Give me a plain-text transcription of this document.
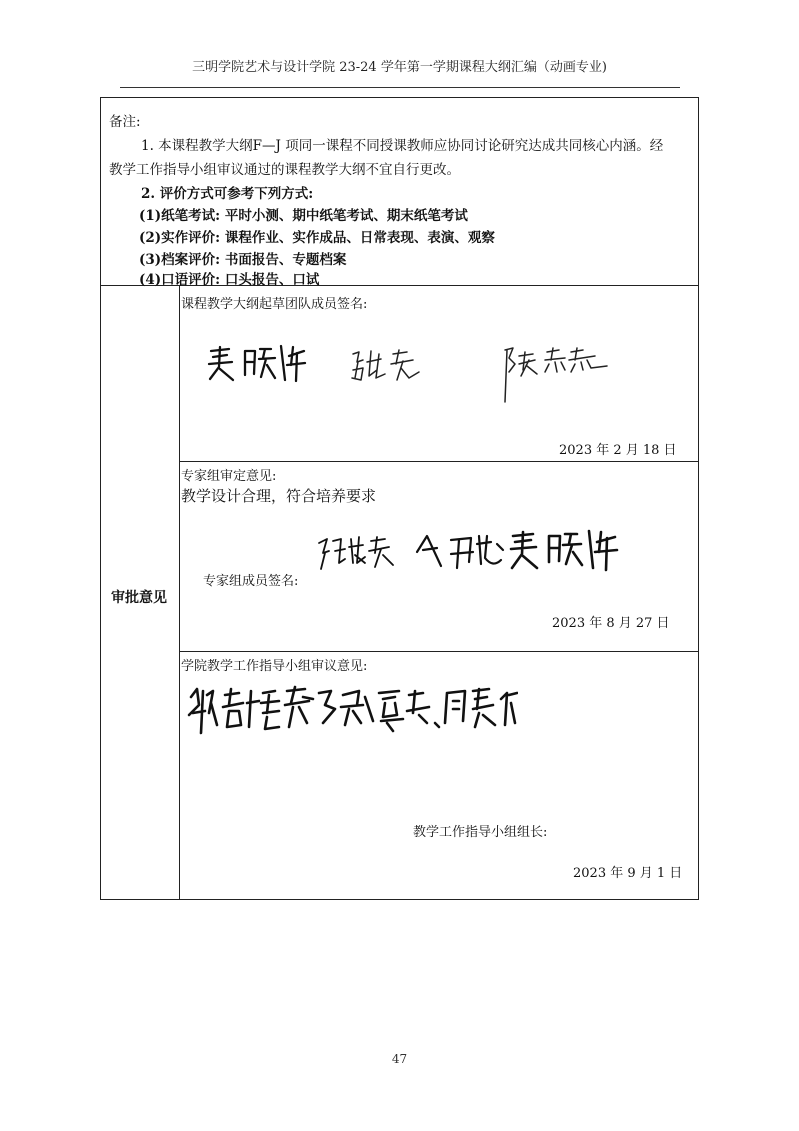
三明学院艺术与设计学院 23-24 学年第一学期课程大纲汇编（动画专业)
备注:
1. 本课程教学大纲F—J 项同一课程不同授课教师应协同讨论研究达成共同核心内涵。经
教学工作指导小组审议通过的课程教学大纲不宜自行更改。
2. 评价方式可参考下列方式:
(1)纸笔考试: 平时小测、期中纸笔考试、期末纸笔考试
(2)实作评价: 课程作业、实作成品、日常表现、表演、观察
(3)档案评价: 书面报告、专题档案
(4)口语评价: 口头报告、口试
审批意见
课程教学大纲起草团队成员签名:
2023 年 2 月 18 日
专家组审定意见:
教学设计合理，符合培养要求
专家组成员签名:
2023 年 8 月 27 日
学院教学工作指导小组审议意见:
教学工作指导小组组长:
2023 年 9 月 1 日
47
